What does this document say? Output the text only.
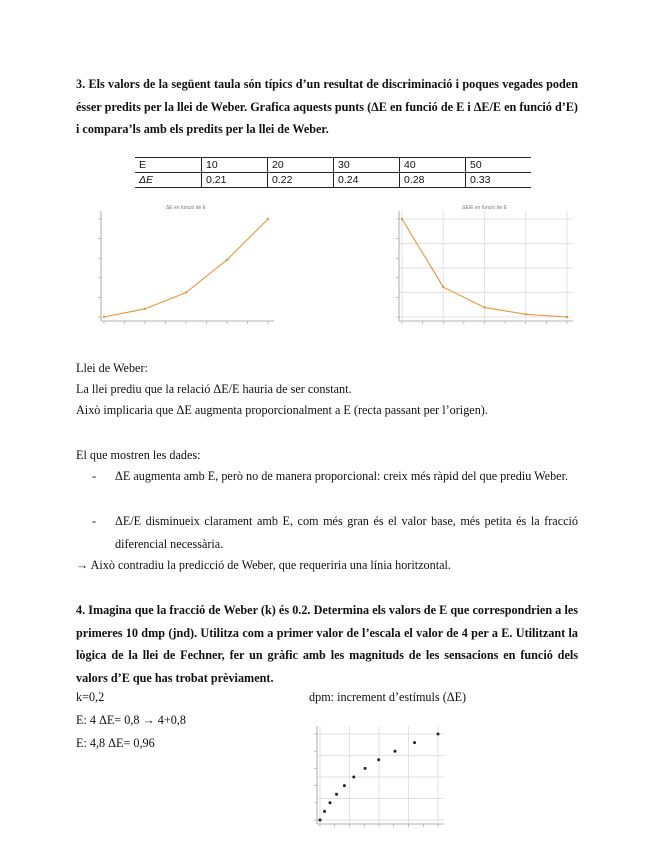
3. Els valors de la següent taula són típics d’un resultat de discriminació i poques vegades poden ésser predits per la llei de Weber. Grafica aquests punts (ΔE en funció de E i ΔE/E en funció d’E) i compara’ls amb els predits per la llei de Weber.
E	10	20	30	40	50
ΔE	0.21	0.22	0.24	0.28	0.33
ΔE en funció de E	ΔE/E en funció de E
Llei de Weber:
La llei prediu que la relació ΔE/E hauria de ser constant.
Això implicaria que ΔE augmenta proporcionalment a E (recta passant per l’origen).
El que mostren les dades:
- ΔE augmenta amb E, però no de manera proporcional: creix més ràpid del que prediu Weber.
- ΔE/E disminueix clarament amb E, com més gran és el valor base, més petita és la fracció diferencial necessària.
→ Això contradiu la predicció de Weber, que requeriria una línia horitzontal.
4. Imagina que la fracció de Weber (k) és 0.2. Determina els valors de E que correspondrien a les primeres 10 dmp (jnd). Utilitza com a primer valor de l’escala el valor de 4 per a E. Utilitzant la lògica de la llei de Fechner, fer un gràfic amb les magnituds de les sensacions en funció dels valors d’E que has trobat prèviament.
k=0,2	dpm: increment d’estímuls (ΔE)
E: 4 ΔE= 0,8 → 4+0,8
E: 4,8 ΔE= 0,96
